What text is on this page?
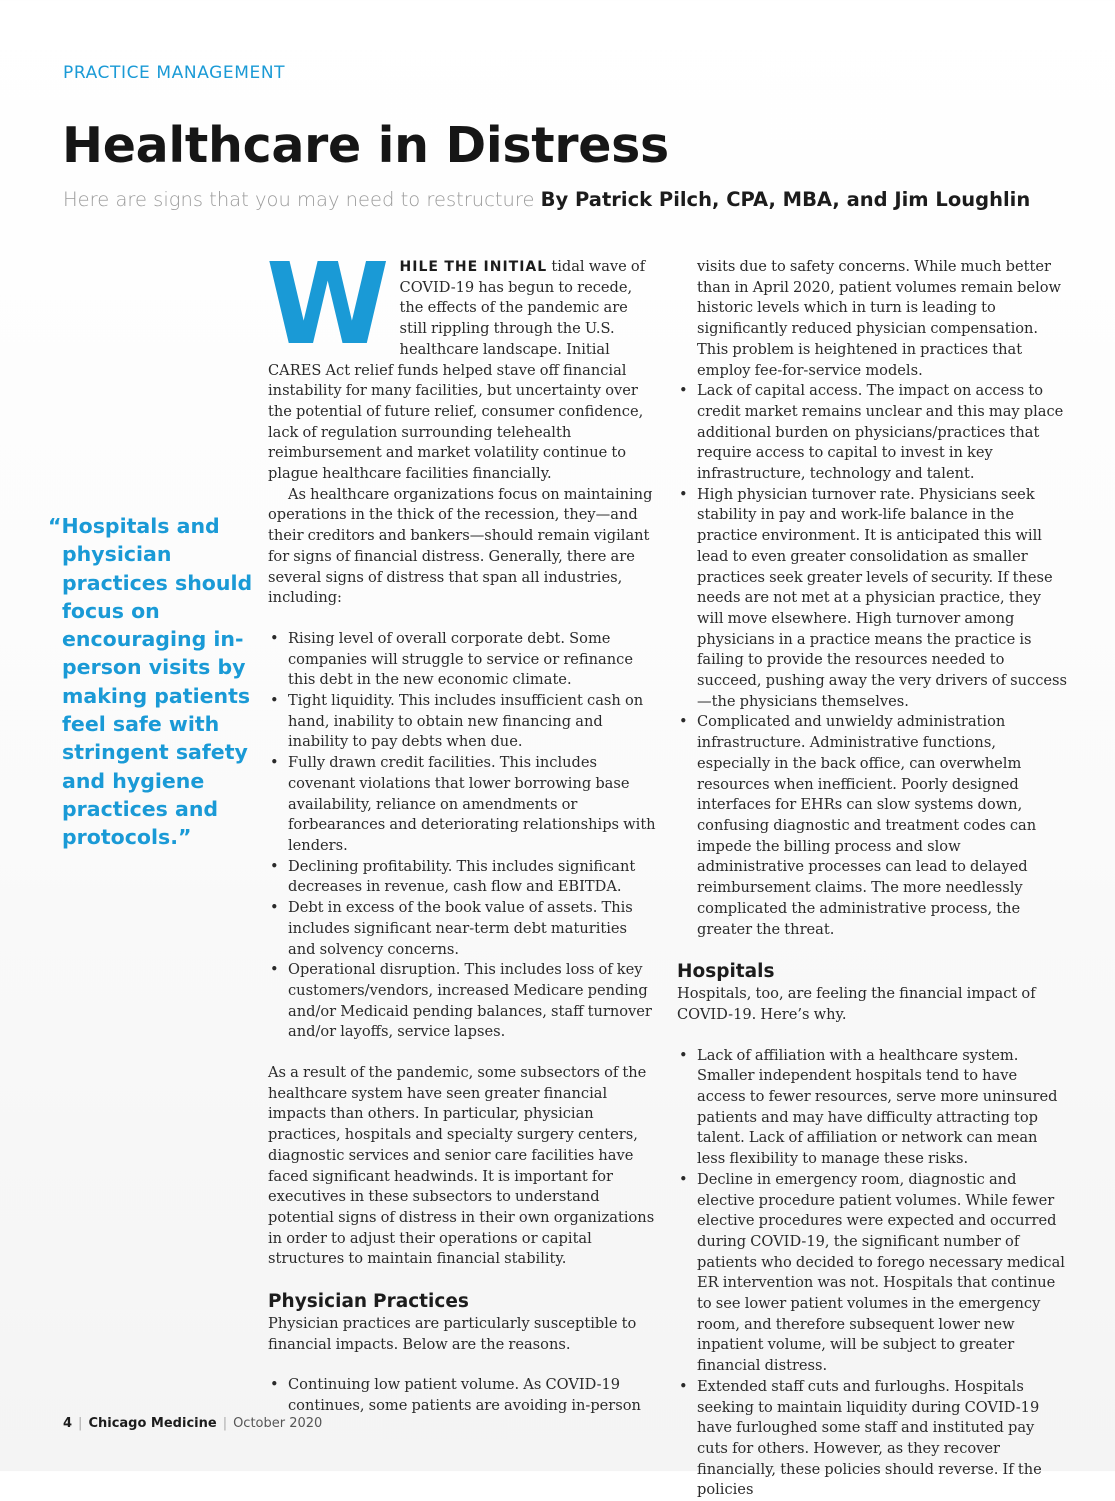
PRACTICE MANAGEMENT
Healthcare in Distress
Here are signs that you may need to restructure By Patrick Pilch, CPA, MBA, and Jim Loughlin
“Hospitals and physician practices should focus on encouraging in-person visits by making patients feel safe with stringent safety and hygiene practices and protocols.”

WHILE THE INITIAL tidal wave of COVID-19 has begun to recede, the effects of the pandemic are still rippling through the U.S. healthcare landscape. Initial CARES Act relief funds helped stave off financial instability for many facilities, but uncertainty over the potential of future relief, consumer confidence, lack of regulation surrounding telehealth reimbursement and market volatility continue to plague healthcare facilities financially.

As healthcare organizations focus on maintaining operations in the thick of the recession, they—and their creditors and bankers—should remain vigilant for signs of financial distress. Generally, there are several signs of distress that span all industries, including:

• Rising level of overall corporate debt. Some companies will struggle to service or refinance this debt in the new economic climate.
• Tight liquidity. This includes insufficient cash on hand, inability to obtain new financing and inability to pay debts when due.
• Fully drawn credit facilities. This includes covenant violations that lower borrowing base availability, reliance on amendments or forbearances and deteriorating relationships with lenders.
• Declining profitability. This includes significant decreases in revenue, cash flow and EBITDA.
• Debt in excess of the book value of assets. This includes significant near-term debt maturities and solvency concerns.
• Operational disruption. This includes loss of key customers/vendors, increased Medicare pending and/or Medicaid pending balances, staff turnover and/or layoffs, service lapses.

As a result of the pandemic, some subsectors of the healthcare system have seen greater financial impacts than others. In particular, physician practices, hospitals and specialty surgery centers, diagnostic services and senior care facilities have faced significant headwinds. It is important for executives in these subsectors to understand potential signs of distress in their own organizations in order to adjust their operations or capital structures to maintain financial stability.

Physician Practices

Physician practices are particularly susceptible to financial impacts. Below are the reasons.

• Continuing low patient volume. As COVID-19 continues, some patients are avoiding in-person
visits due to safety concerns. While much better than in April 2020, patient volumes remain below historic levels which in turn is leading to significantly reduced physician compensation. This problem is heightened in practices that employ fee-for-service models.
• Lack of capital access. The impact on access to credit market remains unclear and this may place additional burden on physicians/practices that require access to capital to invest in key infrastructure, technology and talent.
• High physician turnover rate. Physicians seek stability in pay and work-life balance in the practice environment. It is anticipated this will lead to even greater consolidation as smaller practices seek greater levels of security. If these needs are not met at a physician practice, they will move elsewhere. High turnover among physicians in a practice means the practice is failing to provide the resources needed to succeed, pushing away the very drivers of success—the physicians themselves.
• Complicated and unwieldy administration infrastructure. Administrative functions, especially in the back office, can overwhelm resources when inefficient. Poorly designed interfaces for EHRs can slow systems down, confusing diagnostic and treatment codes can impede the billing process and slow administrative processes can lead to delayed reimbursement claims. The more needlessly complicated the administrative process, the greater the threat.
Hospitals

Hospitals, too, are feeling the financial impact of COVID-19. Here’s why.

• Lack of affiliation with a healthcare system. Smaller independent hospitals tend to have access to fewer resources, serve more uninsured patients and may have difficulty attracting top talent. Lack of affiliation or network can mean less flexibility to manage these risks.
• Decline in emergency room, diagnostic and elective procedure patient volumes. While fewer elective procedures were expected and occurred during COVID-19, the significant number of patients who decided to forego necessary medical ER intervention was not. Hospitals that continue to see lower patient volumes in the emergency room, and therefore subsequent lower new inpatient volume, will be subject to greater financial distress.
• Extended staff cuts and furloughs. Hospitals seeking to maintain liquidity during COVID-19 have furloughed some staff and instituted pay cuts for others. However, as they recover financially, these policies should reverse. If the policies
4 | Chicago Medicine | October 2020
